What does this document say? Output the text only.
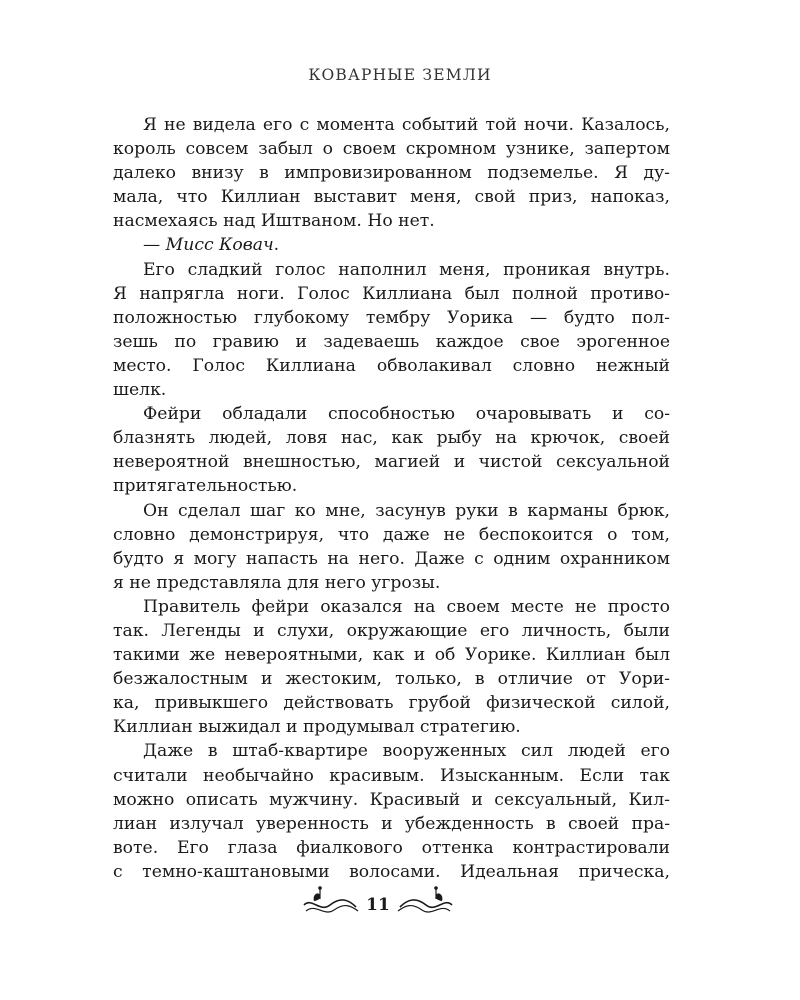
КОВАРНЫЕ ЗЕМЛИ
Я не видела его с момента событий той ночи. Казалось,
король совсем забыл о своем скромном узнике, запертом
далеко внизу в импровизированном подземелье. Я ду-
мала, что Киллиан выставит меня, свой приз, напоказ,
насмехаясь над Иштваном. Но нет.
— Мисс Ковач.
Его сладкий голос наполнил меня, проникая внутрь.
Я напрягла ноги. Голос Киллиана был полной противо-
положностью глубокому тембру Уорика — будто пол-
зешь по гравию и задеваешь каждое свое эрогенное
место. Голос Киллиана обволакивал словно нежный
шелк.
Фейри обладали способностью очаровывать и со-
блазнять людей, ловя нас, как рыбу на крючок, своей
невероятной внешностью, магией и чистой сексуальной
притягательностью.
Он сделал шаг ко мне, засунув руки в карманы брюк,
словно демонстрируя, что даже не беспокоится о том,
будто я могу напасть на него. Даже с одним охранником
я не представляла для него угрозы.
Правитель фейри оказался на своем месте не просто
так. Легенды и слухи, окружающие его личность, были
такими же невероятными, как и об Уорике. Киллиан был
безжалостным и жестоким, только, в отличие от Уори-
ка, привыкшего действовать грубой физической силой,
Киллиан выжидал и продумывал стратегию.
Даже в штаб-квартире вооруженных сил людей его
считали необычайно красивым. Изысканным. Если так
можно описать мужчину. Красивый и сексуальный, Кил-
лиан излучал уверенность и убежденность в своей пра-
воте. Его глаза фиалкового оттенка контрастировали
с темно-каштановыми волосами. Идеальная прическа,
11
